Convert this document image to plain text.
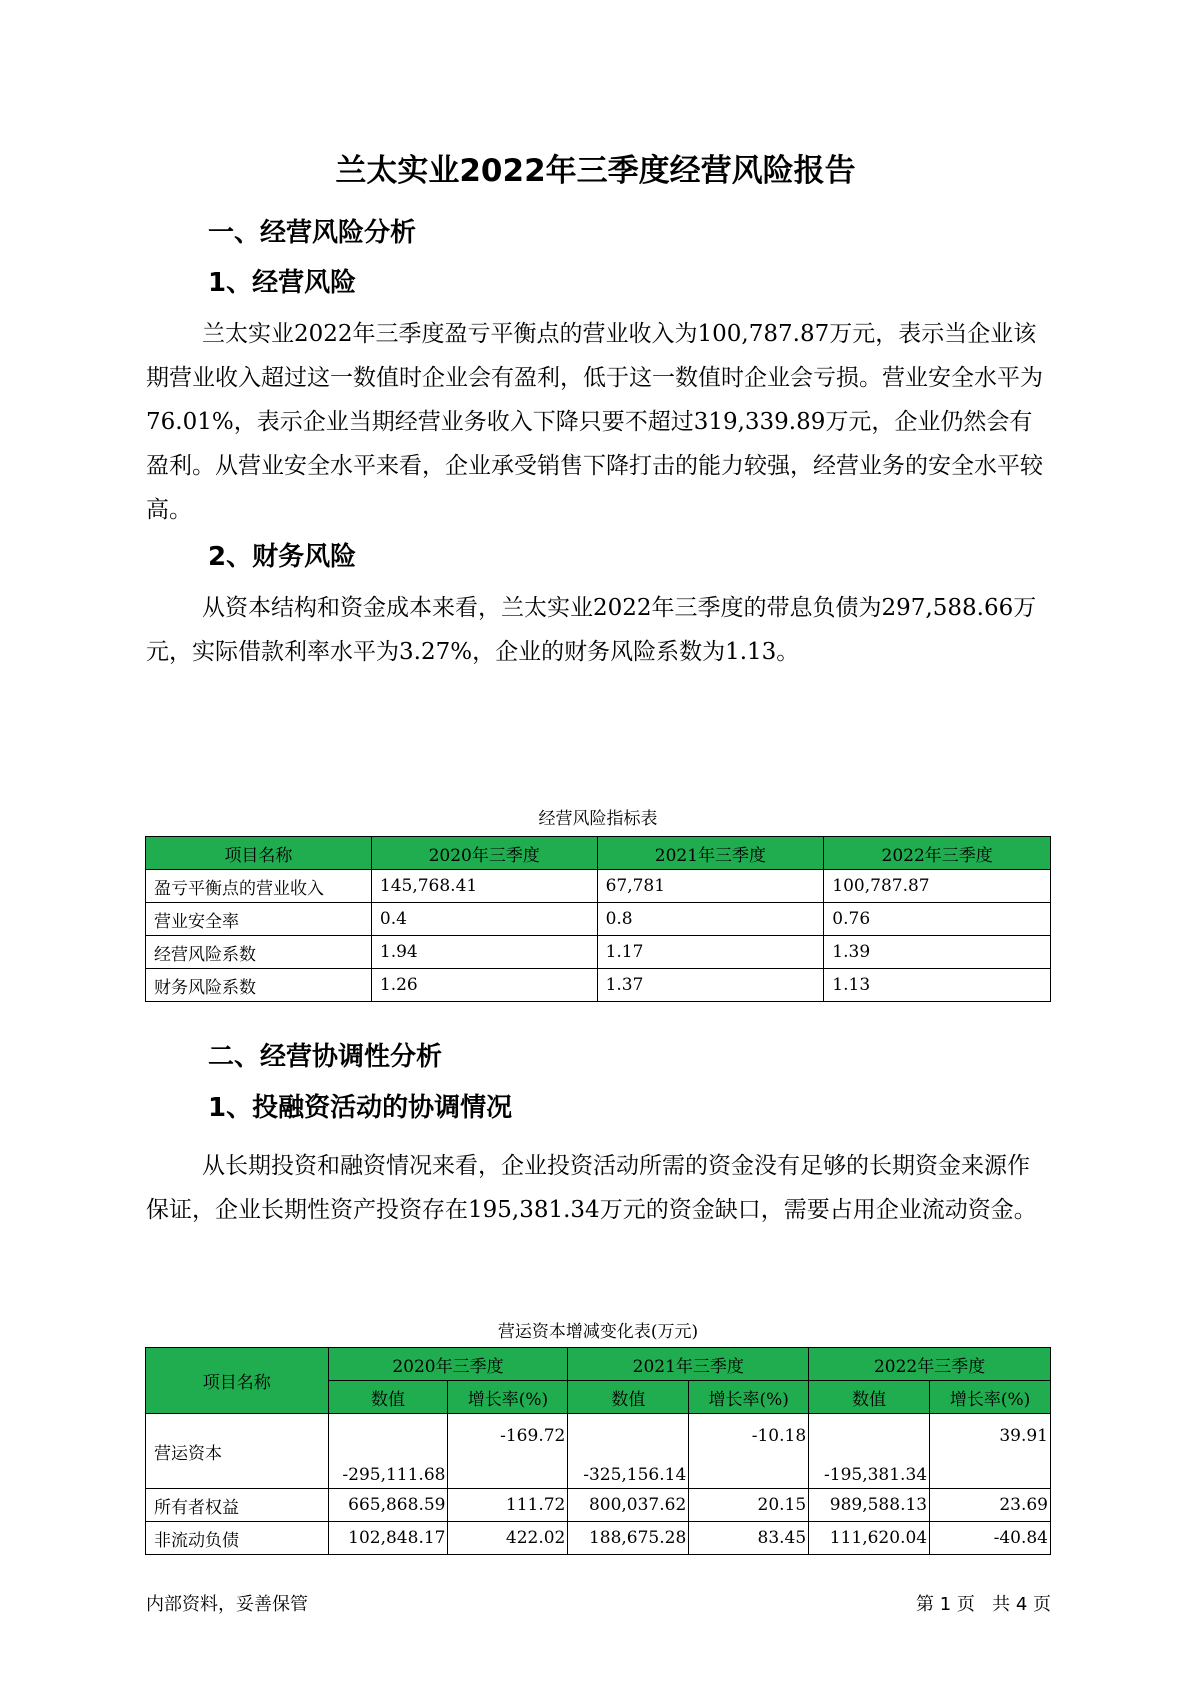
兰太实业2022年三季度经营风险报告
一、经营风险分析
1、经营风险

兰太实业2022年三季度盈亏平衡点的营业收入为100,787.87万元，表示当企业该期营业收入超过这一数值时企业会有盈利，低于这一数值时企业会亏损。营业安全水平为76.01%，表示企业当期经营业务收入下降只要不超过319,339.89万元，企业仍然会有盈利。从营业安全水平来看，企业承受销售下降打击的能力较强，经营业务的安全水平较高。

2、财务风险

从资本结构和资金成本来看，兰太实业2022年三季度的带息负债为297,588.66万元，实际借款利率水平为3.27%，企业的财务风险系数为1.13。

经营风险指标表

项目名称	2020年三季度	2021年三季度	2022年三季度
盈亏平衡点的营业收入	145,768.41	67,781	100,787.87
营业安全率	0.4	0.8	0.76
经营风险系数	1.94	1.17	1.39
财务风险系数	1.26	1.37	1.13
二、经营协调性分析
1、投融资活动的协调情况

从长期投资和融资情况来看，企业投资活动所需的资金没有足够的长期资金来源作保证，企业长期性资产投资存在195,381.34万元的资金缺口，需要占用企业流动资金。

营运资本增减变化表(万元)

项目名称	2020年三季度		2021年三季度		2022年三季度	
	数值	增长率(%)	数值	增长率(%)	数值	增长率(%)
营运资本	-295,111.68	-169.72	-325,156.14	-10.18	-195,381.34	39.91
所有者权益	665,868.59	111.72	800,037.62	20.15	989,588.13	23.69
非流动负债	102,848.17	422.02	188,675.28	83.45	111,620.04	-40.84

内部资料，妥善保管	第 1 页   共 4 页
